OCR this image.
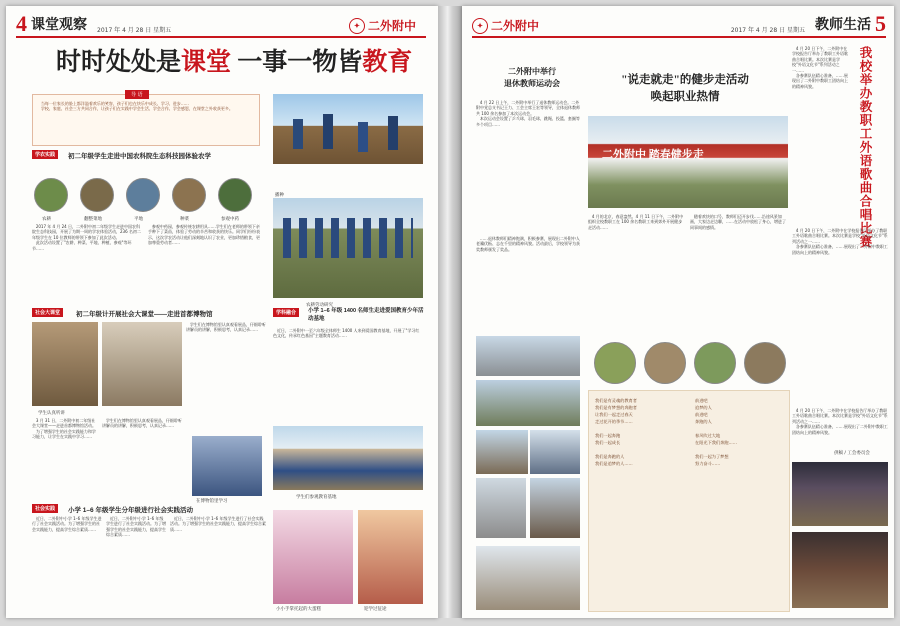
4 课堂观察 2017 年 4 月 28 日 星期五
✦ 二外附中
时时处处是课堂 一事一物皆教育
导 语
当每一位家长的脸上都洋溢着欢乐的笑容，孩子们也在快乐中成长、学习、进步……
学校、家庭、社会三方共同合作，让孩子们在实践中学会生活、学会合作、学会感恩，在课堂之外收获更多。
播种
学农实践	初二年级学生走进中国农科院生态科技园体验农学
农耕	翻整菜地	平地	种菜	参观中药
2017 年 4 月 24 日，二外附中初二年级学生走进中国农科院生态科技园，开展了为期一周的学农体验活动，236 名初二年级学生在 10 位教师的带领下参加了此次活动。
此次活动设置了"农耕、种菜、平地、种植、参观"等环节……
参观中药园，参观传统农耕用具……学生们在老师的带领下亲手种下了菜苗，体验了劳动的辛苦和收获的快乐。同学们纷纷表示，这次学农活动让他们深刻地认识了农业，更加珍惜粮食，更加尊重劳动者……
农耕劳动研究
社会大课堂	初二年级计开展社会大课堂——走进首都博物馆
学生认真听讲
3 月 31 日，二外附中初二年级社会大课堂——走进首都博物馆活动。
为了增强学生的社会实践能力和学习能力，让学生在实践中学习……
学生们在博物馆里认真观看展品，仔细聆听讲解员的讲解，积极思考，认真记录……
学生们在博物馆里认真观看展品，仔细聆听讲解员的讲解，积极思考，认真记录……
在博物馆里学习
学科融合	小学 1–6 年级 1400 名师生走进爱国教育少年活动基地
近日，二外附中一至六年级全体师生 1400 人来到爱国教育基地，开展了"学习红色文化，传承红色基因"主题教育活动……
学生们参观教育基地
社会实践	小学 1–6 年级学生分年级进行社会实践活动
近日，二外附中小学 1–6 年级学生进行了社会实践活动。为了增强学生的社会实践能力，提高学生综合素质……
近日，二外附中小学 1–6 年级学生进行了社会实践活动。为了增强学生的社会实践能力，提高学生综合素质……
近日，二外附中小学 1–6 年级学生进行了社会实践活动。为了增强学生的社会实践能力，提高学生综合素质……
小小手掌托起的大蛋糕	迎学过征途
✦ 二外附中	2017 年 4 月 28 日 星期五 教师生活 5
二外附中举行
退休教师运动会
4 月 22 日上午，二外附中举行了退休教师运动会。二外附中党总支书记王力、工会主席王宏等领导，全体退休教师共 100 余名参加了本次运动会。
本次运动会设置了乒乓球、羽毛球、跳绳、投篮、套圈等多个项目……
……退休教师们精神饱满，积极参赛，展现出二外附中人老骥伏枥、志在千里的精神风貌。活动最后，学校领导为获奖教师颁发了奖品。
"说走就走"的健步走活动
唤起职业热情
二外附中 踏春健步走
4 月的北京，春意盎然。4 月 11 日下午，二外附中组织全校教职工在 100 余名教职工来到郊外开展健步走活动……
随着欢快的口号，教师们迈开步伐……沿途风景如画，大家边走边聊，……在活动中放松了身心，增进了同事间的感情。
我们是有灵魂的教育者
我们是有梦想的奔跑者
让我们一起走过春天
走过花开的季节……

我们一起奔跑
我们一起成长

我们是奔跑的人
我们是追梦的人……
前进吧
追梦的人
前进吧
奔跑的人

春风吹过大地
在阳光下我们奔跑……

我们一起为了梦想
努力奋斗……
4 月 20 日下午，二外附中在学校报告厅举办了教职工外语歌曲合唱比赛。本次比赛是学校"外语文化节"系列活动之一……
各参赛队伍精心准备，……展现出了二外附中教职工团结向上的精神风貌。	我校举办教职工外语歌曲合唱比赛
4 月 20 日下午，二外附中在学校报告厅举办了教职工外语歌曲合唱比赛。本次比赛是学校"外语文化节"系列活动之一……
各参赛队伍精心准备，……展现出了二外附中教职工团结向上的精神风貌。
4 月 20 日下午，二外附中在学校报告厅举办了教职工外语歌曲合唱比赛。本次比赛是学校"外语文化节"系列活动之一……
各参赛队伍精心准备，……展现出了二外附中教职工团结向上的精神风貌。
供稿 / 工会委员会
